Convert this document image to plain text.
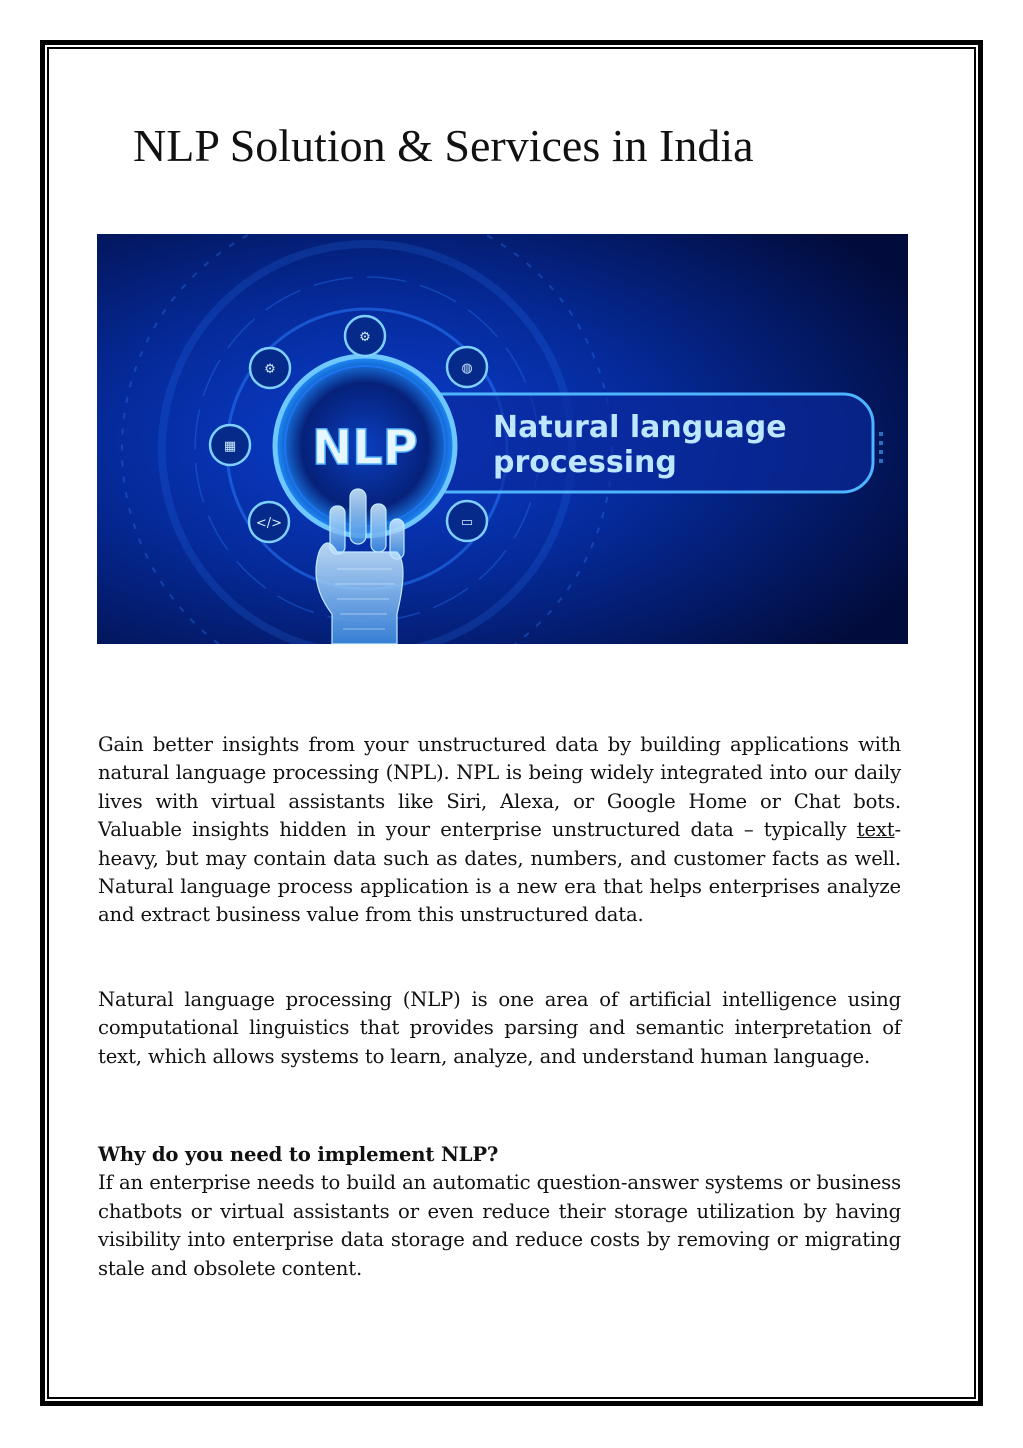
NLP Solution & Services in India
⚙
⚙	◍
▦
</>	▭
NLP	Natural language
processing

Gain better insights from your unstructured data by building applications with natural language processing (NPL). NPL is being widely integrated into our daily lives with virtual assistants like Siri, Alexa, or Google Home or Chat bots. Valuable insights hidden in your enterprise unstructured data – typically text-heavy, but may contain data such as dates, numbers, and customer facts as well. Natural language process application is a new era that helps enterprises analyze and extract business value from this unstructured data.

Natural language processing (NLP) is one area of artificial intelligence using computational linguistics that provides parsing and semantic interpretation of text, which allows systems to learn, analyze, and understand human language.

Why do you need to implement NLP?
If an enterprise needs to build an automatic question-answer systems or business chatbots or virtual assistants or even reduce their storage utilization by having visibility into enterprise data storage and reduce costs by removing or migrating stale and obsolete content.
